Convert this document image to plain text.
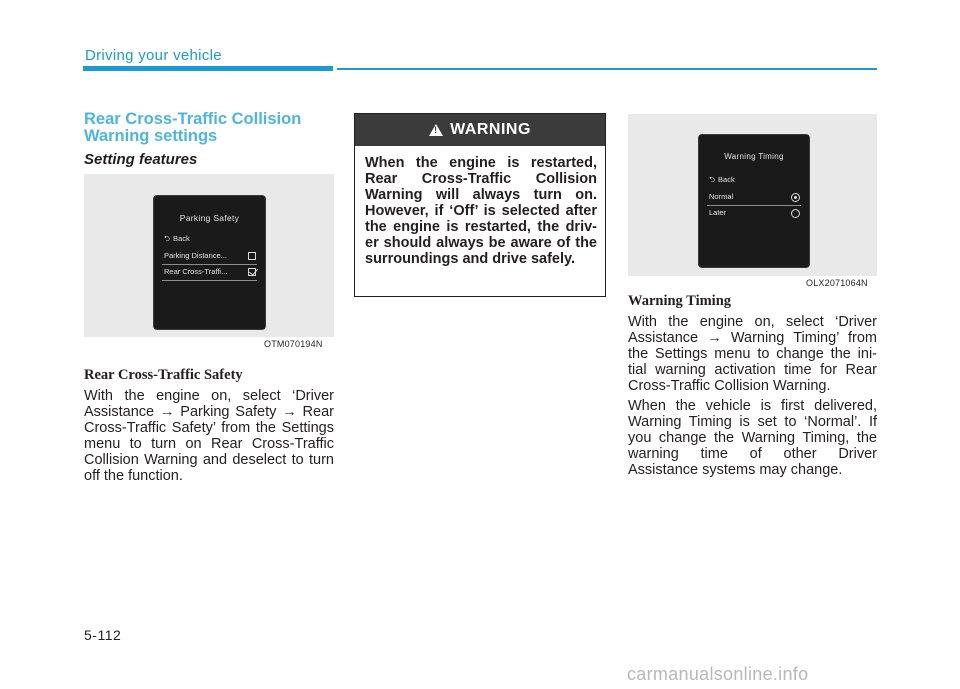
Driving your vehicle
Rear Cross-Traffic Collision Warning settings
Setting features
Parking Safety
⮌ Back
Parking Distance...
Rear Cross-Traffi...
OTM070194N
Rear Cross-Traffic Safety
With the engine on, select ‘Driver Assistance → Parking Safety → Rear Cross-Traffic Safety’ from the Settings menu to turn on Rear Cross-Traffic Collision Warning and deselect to turn off the function.
!
WARNING
When the engine is restarted, Rear Cross-Traffic Collision Warning will always turn on. However, if ‘Off’ is selected after the engine is restarted, the driv-er should always be aware of the surroundings and drive safely.
Warning Timing
⮌ Back
Normal
Later
OLX2071064N
Warning Timing
With the engine on, select ‘Driver Assistance → Warning Timing’ from the Settings menu to change the ini-tial warning activation time for Rear Cross-Traffic Collision Warning.
When the vehicle is first delivered, Warning Timing is set to ‘Normal’. If you change the Warning Timing, the warning time of other Driver Assistance systems may change.
5-112
carmanualsonline.info
